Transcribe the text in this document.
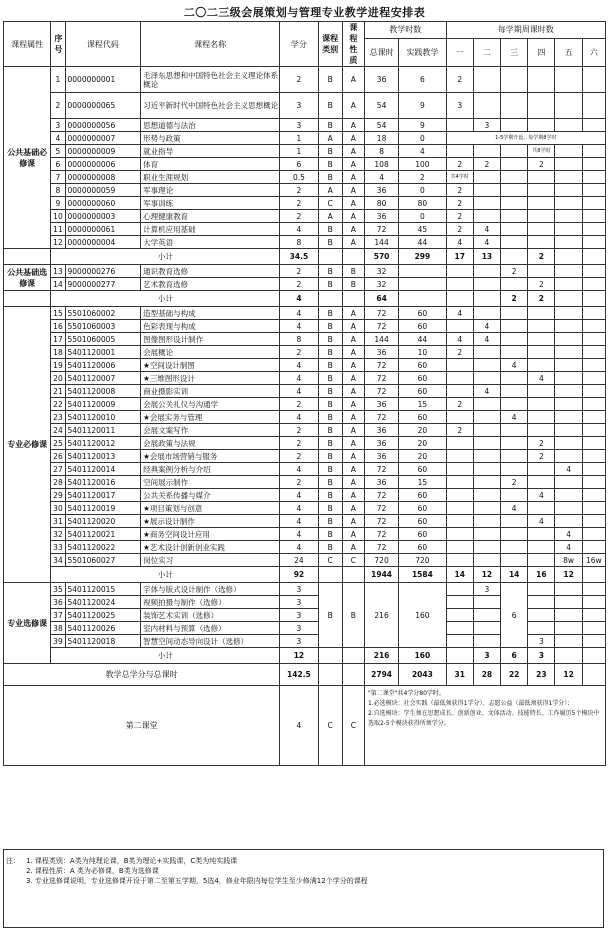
二〇二三级会展策划与管理专业教学进程安排表
课程属性	序号	课程代码	课程名称	学分	课程类别	课程性质	教学时数		每学期周课时数					
							总课时	实践教学	一	二	三	四	五	六
公共基础必修课	1	0000000001	毛泽东思想和中国特色社会主义理论体系概论	2	B	A	36	6	2					
	2	0000000065	习近平新时代中国特色社会主义思想概论	3	B	A	54	9	3					
	3	0000000056	思想道德与法治	3	B	A	54	9		3				
	4	0000000007	形势与政策	1	A	A	18	0	1-5学期开设，每学期8学时					
	5	0000000009	就业指导	1	B	A	8	4				共8学时		
	6	0000000006	体育	6	B	A	108	100	2	2		2		
	7	0000000008	职业生涯规划	0.5	B	A	4	2	共4学时					
	8	0000000059	军事理论	2	A	A	36	0	2					
	9	0000000060	军事训练	2	C	A	80	80	2					
	10	0000000003	心理健康教育	2	A	A	36	0	2					
	11	0000000061	计算机应用基础	4	B	A	72	45	2	4				
	12	0000000004	大学英语	8	B	A	144	44	4	4				
	小计			34.5			570	299	17	13		2		
公共基础选修课	13	9000000276	通识教育选修	2	B	B	32				2			
	14	9000000277	艺术教育选修	2	B	B	32					2		
	小计			4			64				2	2		
专业必修课	15	5501060002	造型基础与构成	4	B	A	72	60	4					
	16	5501060003	色彩表现与构成	4	B	A	72	60		4				
	17	5501060005	图像图形设计制作	8	B	A	144	44	4	4				
	18	5401120001	会展概论	2	B	A	36	10	2					
	19	5401120006	★空间设计制图	4	B	A	72	60			4			
	20	5401120007	★三维图形设计	4	B	A	72	60				4		
	21	5401120008	商业摄影实训	4	B	A	72	60		4				
	22	5401120009	会展公关礼仪与沟通学	2	B	A	36	15	2					
	23	5401120010	★会展实务与管理	4	B	A	72	60			4			
	24	5401120011	会展文案写作	2	B	A	36	20	2					
	25	5401120012	会展政策与法规	2	B	A	36	20				2		
	26	5401120013	★会展市场营销与服务	2	B	A	36	20				2		
	27	5401120014	经典案例分析与介绍	4	B	A	72	60					4	
	28	5401120016	空间展示制作	2	B	A	36	15			2			
	29	5401120017	公共关系传播与媒介	4	B	A	72	60				4		
	30	5401120019	★项目策划与创意	4	B	A	72	60			4			
	31	5401120020	★展示设计制作	4	B	A	72	60				4		
	32	5401120021	★商务空间设计应用	4	B	A	72	60					4	
	33	5401120022	★艺术设计创新创业实践	4	B	A	72	60					4	
	34	5501060027	岗位实习	24	C	C	720	720					8w	16w
	小计			92			1944	1584	14	12	14	16	12	
专业选修课	35	5401120015	字体与版式设计制作（选修）	3	B	B	216	160		3	6			
	36	5401120024	视频拍摄与制作（选修）	3										
	37	5401120025	装饰艺术实训（选修）	3										
	38	5401120026	室内材料与预算（选修）	3										
	39	5401120018	智慧空间动态导向设计（选修）	3								3		
	小计			12			216	160		3	6	3		
教学总学分与总课时				142.5			2794	2043	31	28	22	23	12	
第二课堂				4	C	C	"第二课堂"共4学分80学时。
1.必选模块：社会实践（最低须获得1学分）、志愿公益（最低须获得1学分）；
2.自选模块：学生须在思想成长、创新创业、文体活动、技能特长、工作履历5个模块中选取2-5个模块获得所须学分。							
注： 1. 课程类别：A类为纯理论课，B类为理论+实践课，C类为纯实践课
2. 课程性质：A 类为必修课，B类为选修课
3. 专业选修课说明，专业选修课开设于第二至第五学期，5选4，修业年限内每位学生至少修满12个学分的课程
